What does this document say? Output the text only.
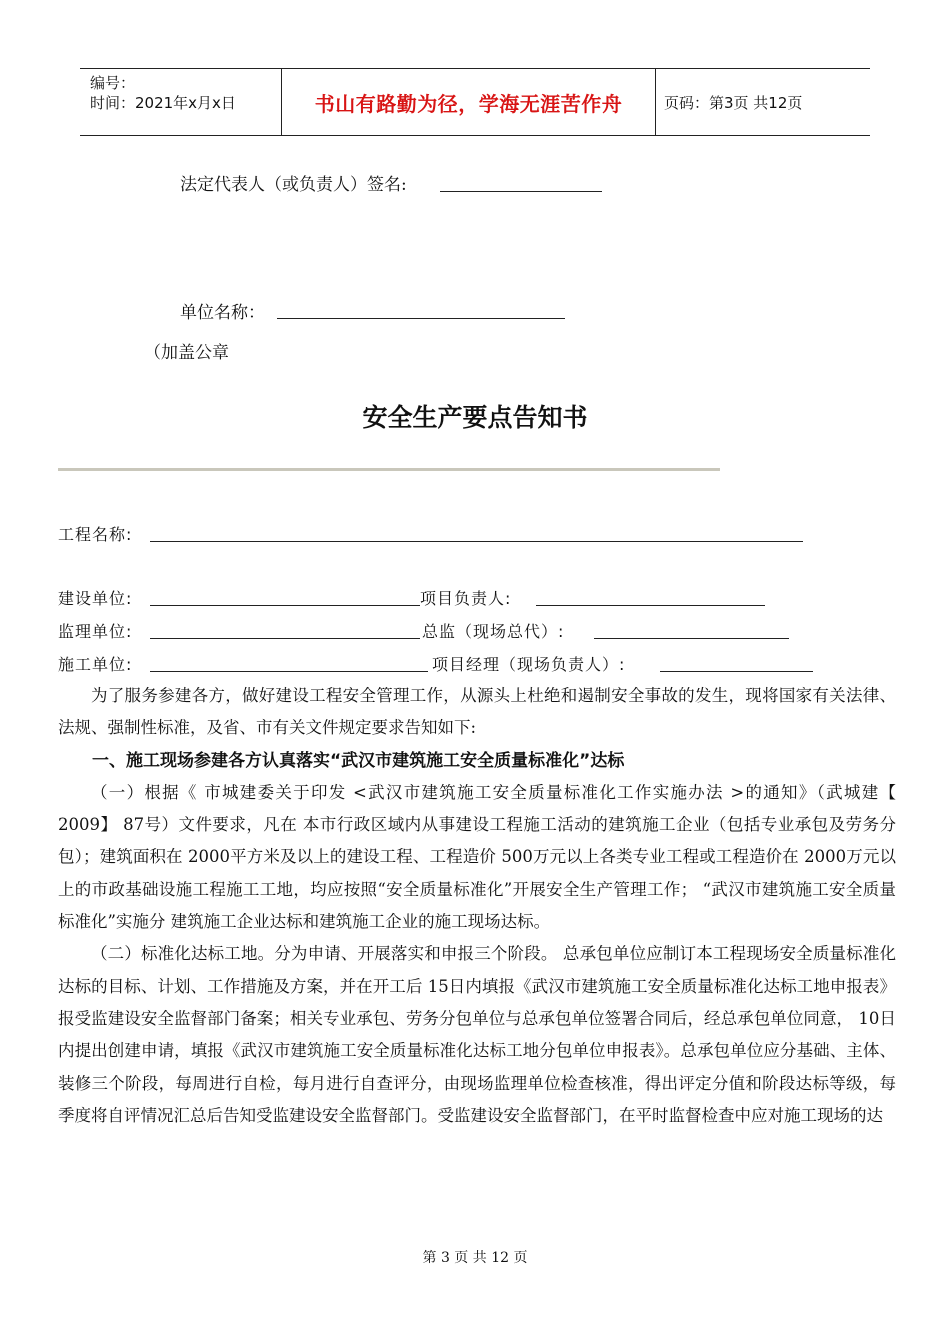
编号：
时间：2021年x月x日	书山有路勤为径，学海无涯苦作舟	页码：第3页 共12页
法定代表人（或负责人）签名:
单位名称：
（加盖公章
安全生产要点告知书
工程名称:
建设单位:	项目负责人:
监理单位:	总监（现场总代）:
施工单位:	项目经理（现场负责人）:

为了服务参建各方，做好建设工程安全管理工作，从源头上杜绝和遏制安全事故的发生，现将国家有关法律、法规、强制性标准，及省、市有关文件规定要求告知如下:

一、施工现场参建各方认真落实“武汉市建筑施工安全质量标准化”达标

（一）根据《 市城建委关于印发 <武汉市建筑施工安全质量标准化工作实施办法 >的通知》（武城建【 2009】 87号）文件要求，凡在 本市行政区域内从事建设工程施工活动的建筑施工企业（包括专业承包及劳务分包）；建筑面积在 2000平方米及以上的建设工程、工程造价 500万元以上各类专业工程或工程造价在 2000万元以上的市政基础设施工程施工工地，均应按照“安全质量标准化”开展安全生产管理工作； “武汉市建筑施工安全质量标准化”实施分 建筑施工企业达标和建筑施工企业的施工现场达标。

（二）标准化达标工地。分为申请、开展落实和申报三个阶段。 总承包单位应制订本工程现场安全质量标准化达标的目标、计划、工作措施及方案，并在开工后 15日内填报《武汉市建筑施工安全质量标准化达标工地申报表》报受监建设安全监督部门备案；相关专业承包、劳务分包单位与总承包单位签署合同后，经总承包单位同意， 10日内提出创建申请，填报《武汉市建筑施工安全质量标准化达标工地分包单位申报表》。总承包单位应分基础、主体、装修三个阶段，每周进行自检，每月进行自查评分，由现场监理单位检查核准，得出评定分值和阶段达标等级，每季度将自评情况汇总后告知受监建设安全监督部门。受监建设安全监督部门，在平时监督检查中应对施工现场的达

第 3 页 共 12 页
